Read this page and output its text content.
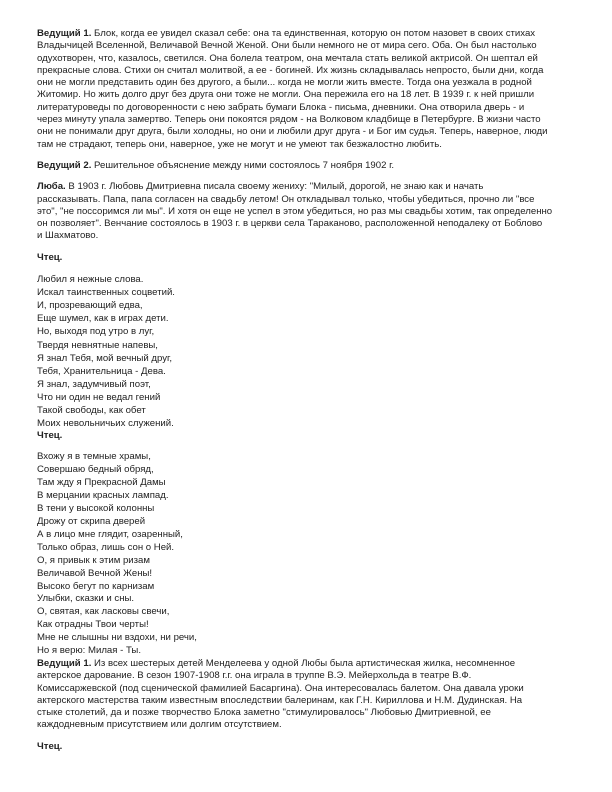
Ведущий 1. Блок, когда ее увидел сказал себе: она та единственная, которую он потом назовет в своих стихах
Владычицей Вселенной, Величавой Вечной Женой. Они были немного не от мира сего. Оба. Он был настолько
одухотворен, что, казалось, светился. Она болела театром, она мечтала стать великой актрисой. Он шептал ей
прекрасные слова. Стихи он считал молитвой, а ее - богиней. Их жизнь складывалась непросто, были дни, когда
они не могли представить один без другого, а были... когда не могли жить вместе. Тогда она уезжала в родной
Житомир. Но жить долго друг без друга они тоже не могли. Она пережила его на 18 лет. В 1939 г. к ней пришли
литературоведы по договоренности с нею забрать бумаги Блока - письма, дневники. Она отворила дверь - и
через минуту упала замертво. Теперь они покоятся рядом - на Волковом кладбище в Петербурге. В жизни часто
они не понимали друг друга, были холодны, но они и любили друг друга - и Бог им судья. Теперь, наверное, люди
там не страдают, теперь они, наверное, уже не могут и не умеют так безжалостно любить.
Ведущий 2. Решительное объяснение между ними состоялось 7 ноября 1902 г.
Люба. В 1903 г. Любовь Дмитриевна писала своему жениху: "Милый, дорогой, не знаю как и начать
рассказывать. Папа, папа согласен на свадьбу летом! Он откладывал только, чтобы убедиться, прочно ли "все
это", "не поссоримся ли мы". И хотя он еще не успел в этом убедиться, но раз мы свадьбы хотим, так определенно
он позволяет". Венчание состоялось в 1903 г. в церкви села Тараканово, расположенной неподалеку от Боблово
и Шахматово.

Чтец.

Любил я нежные слова.
Искал таинственных соцветий.
И, прозревающий едва,
Еще шумел, как в играх дети.
Но, выходя под утро в луг,
Твердя невнятные напевы,
Я знал Тебя, мой вечный друг,
Тебя, Хранительница - Дева.
Я знал, задумчивый поэт,
Что ни один не ведал гений
Такой свободы, как обет
Моих невольничьих служений.

Чтец.

Вхожу я в темные храмы,
Совершаю бедный обряд,
Там жду я Прекрасной Дамы
В мерцании красных лампад.
В тени у высокой колонны
Дрожу от скрипа дверей
А в лицо мне глядит, озаренный,
Только образ, лишь сон о Ней.
О, я привык к этим ризам
Величавой Вечной Жены!
Высоко бегут по карнизам
Улыбки, сказки и сны.
О, святая, как ласковы свечи,
Как отрадны Твои черты!
Мне не слышны ни вздохи, ни речи,
Но я верю: Милая - Ты.
Ведущий 1. Из всех шестерых детей Менделеева у одной Любы была артистическая жилка, несомненное
актерское дарование. В сезон 1907-1908 г.г. она играла в труппе В.Э. Мейерхольда в театре В.Ф.
Комиссаржевской (под сценической фамилией Басаргина). Она интересовалась балетом. Она давала уроки
актерского мастерства таким известным впоследствии балеринам, как Г.Н. Кириллова и Н.М. Дудинская. На
стыке столетий, да и позже творчество Блока заметно "стимулировалось" Любовью Дмитриевной, ее
каждодневным присутствием или долгим отсутствием.

Чтец.
